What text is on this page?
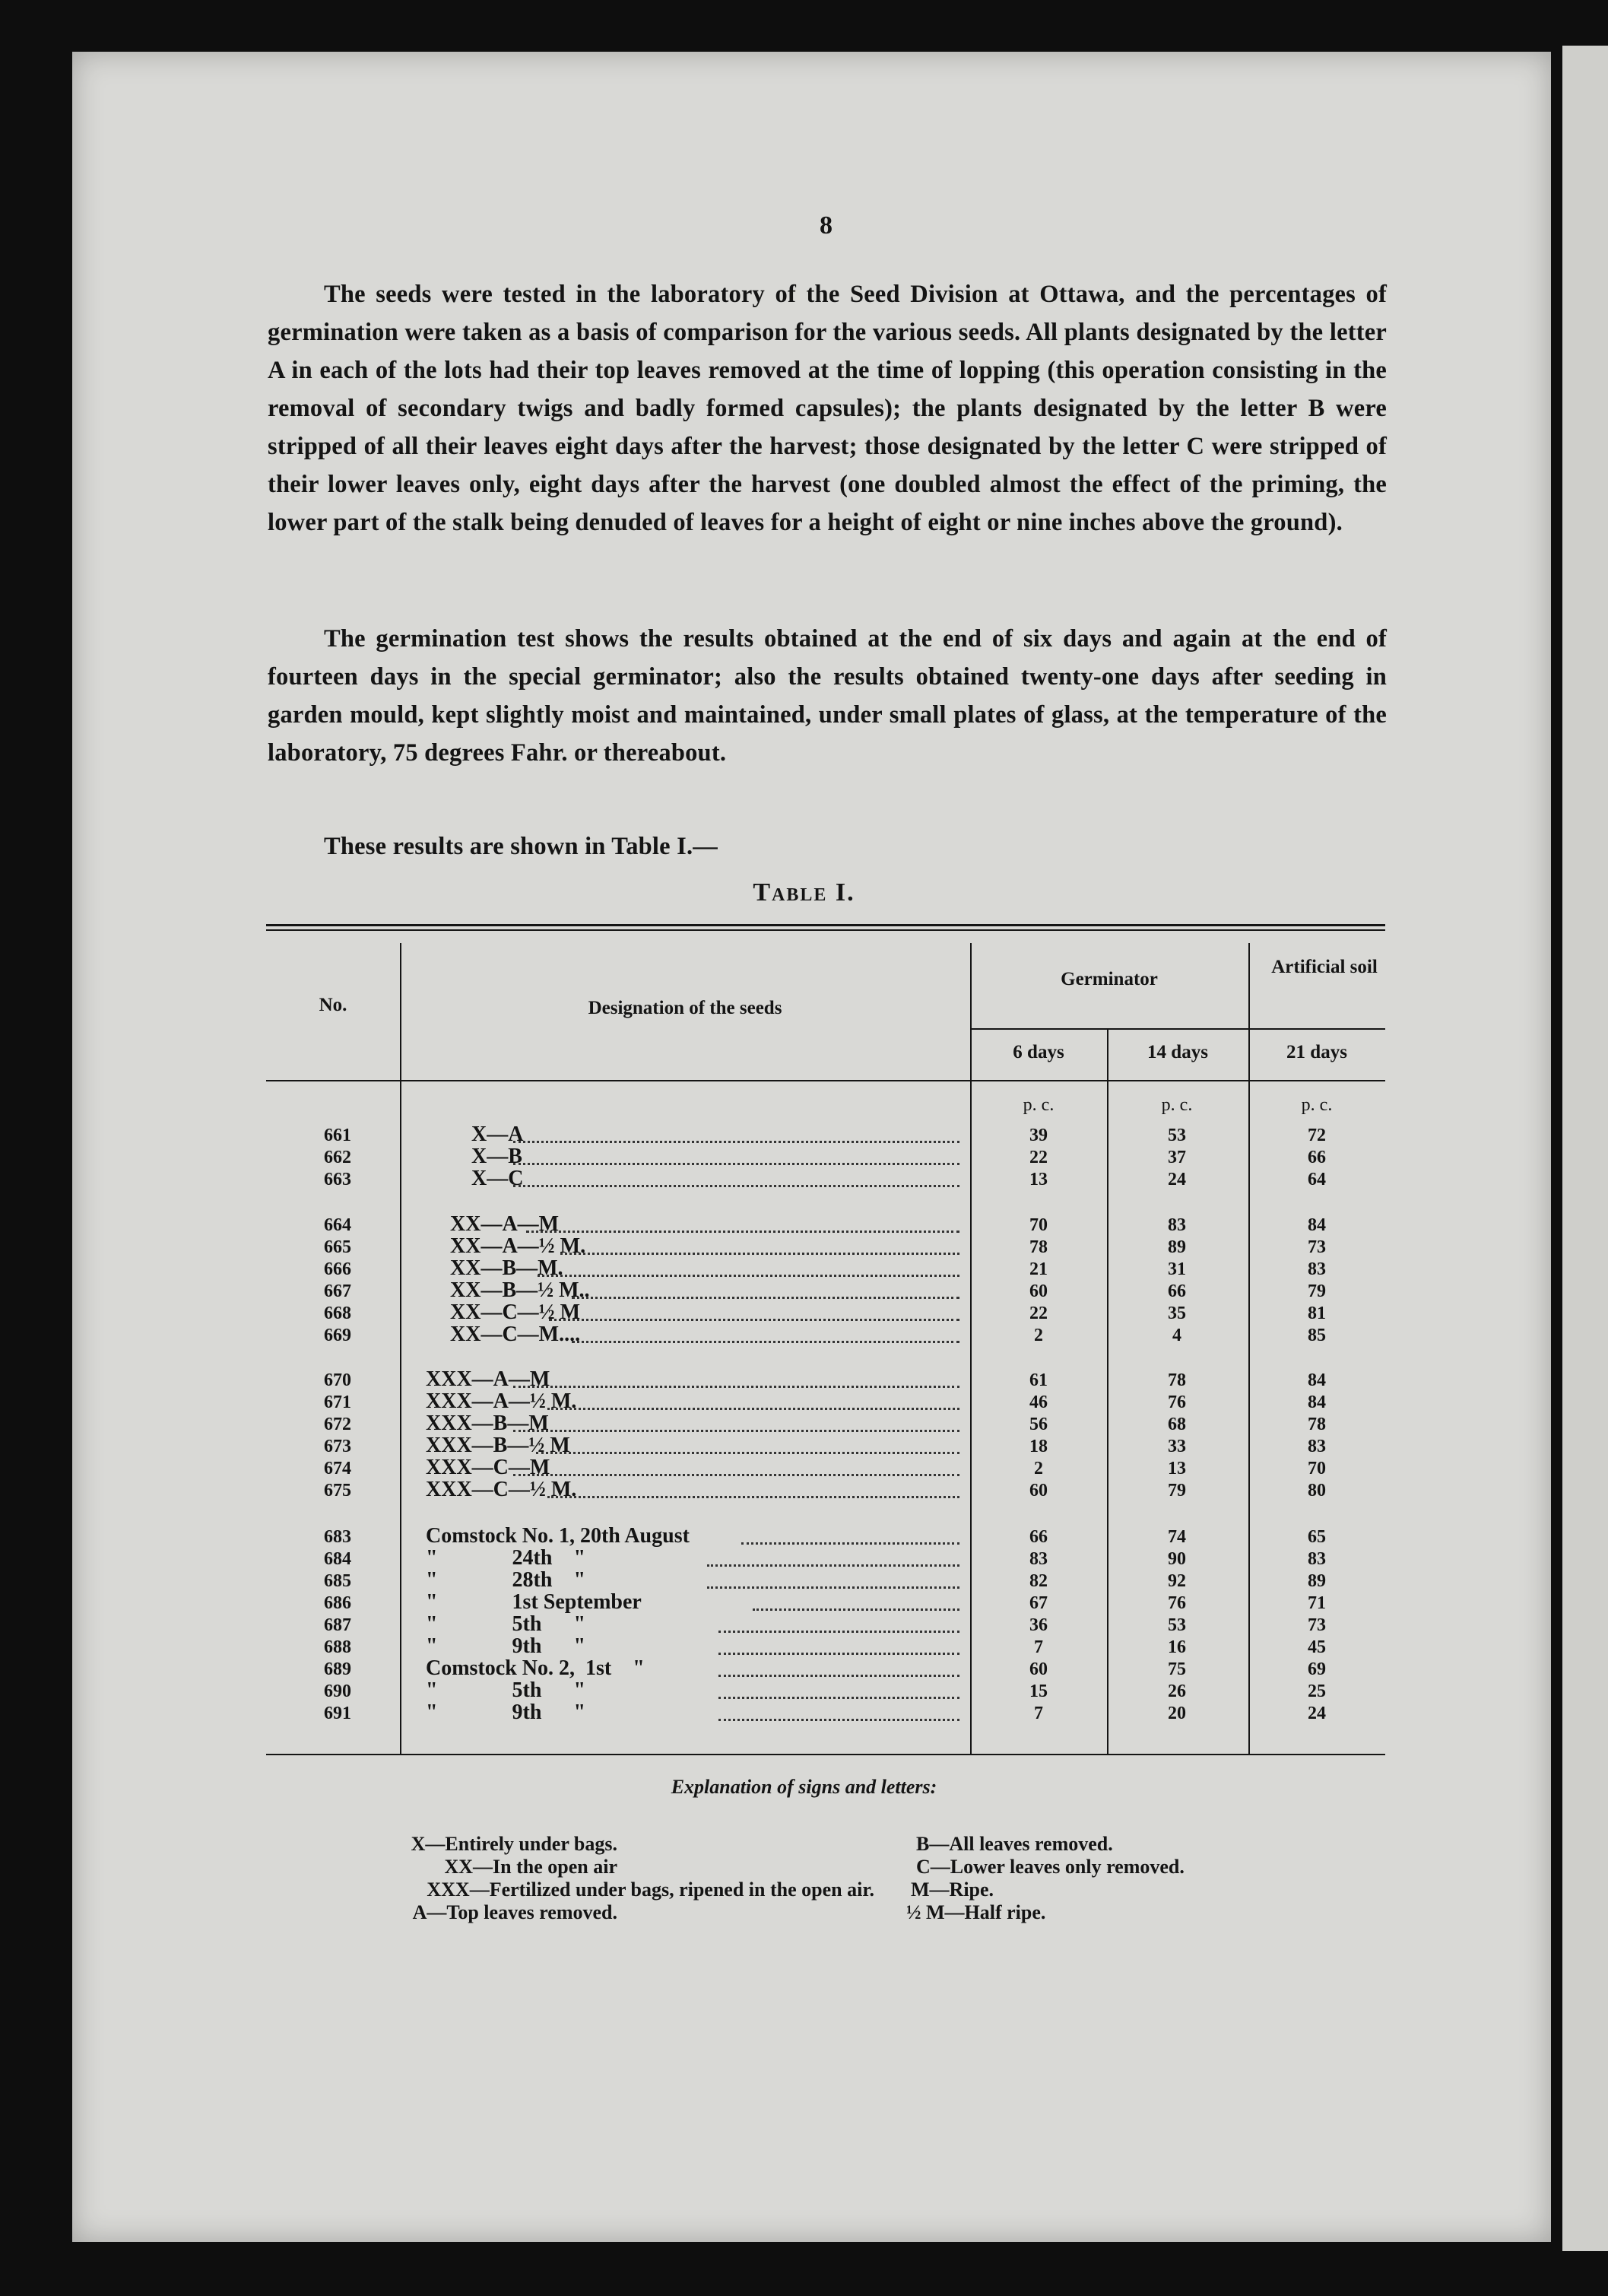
8
The seeds were tested in the laboratory of the Seed Division at Ottawa, and the percentages of germination were taken as a basis of comparison for the various seeds. All plants designated by the letter A in each of the lots had their top leaves removed at the time of lopping (this operation consisting in the removal of secondary twigs and badly formed capsules); the plants designated by the letter B were stripped of all their leaves eight days after the harvest; those designated by the letter C were stripped of their lower leaves only, eight days after the harvest (one doubled almost the effect of the priming, the lower part of the stalk being denuded of leaves for a height of eight or nine inches above the ground).
The germination test shows the results obtained at the end of six days and again at the end of fourteen days in the special germinator; also the results obtained twenty-one days after seeding in garden mould, kept slightly moist and maintained, under small plates of glass, at the temperature of the laboratory, 75 degrees Fahr. or thereabout.
These results are shown in Table I.—
Table I.
No.	Designation of the seeds
Germinator
Artificial soil
6 days	14 days	21 days
p. c.	p. c.	p. c.
661	X—A	39	53	72
662	X—B	22	37	66
663	X—C	13	24	64
664	XX—A—M	70	83	84
665	XX—A—½ M.	78	89	73
666	XX—B—M.	21	31	83
667	XX—B—½ M..	60	66	79
668	XX—C—½ M	22	35	81
669	XX—C—M....	2	4	85
670	XXX—A—M	61	78	84
671	XXX—A—½ M.	46	76	84
672	XXX—B—M	56	68	78
673	XXX—B—½ M	18	33	83
674	XXX—C—M	2	13	70
675	XXX—C—½ M.	60	79	80
683	Comstock No. 1, 20th August	66	74	65
684	"              24th    "	83	90	83
685	"              28th    "	82	92	89
686	"              1st September	67	76	71
687	"              5th      "	36	53	73
688	"              9th      "	7	16	45
689	Comstock No. 2,  1st    "	60	75	69
690	"              5th      "	15	26	25
691	"              9th      "	7	20	24
Explanation of signs and letters:
X—Entirely under bags.
XX—In the open air
XXX—Fertilized under bags, ripened in the open air.
A—Top leaves removed.
B—All leaves removed.
C—Lower leaves only removed.
M—Ripe.
½ M—Half ripe.
